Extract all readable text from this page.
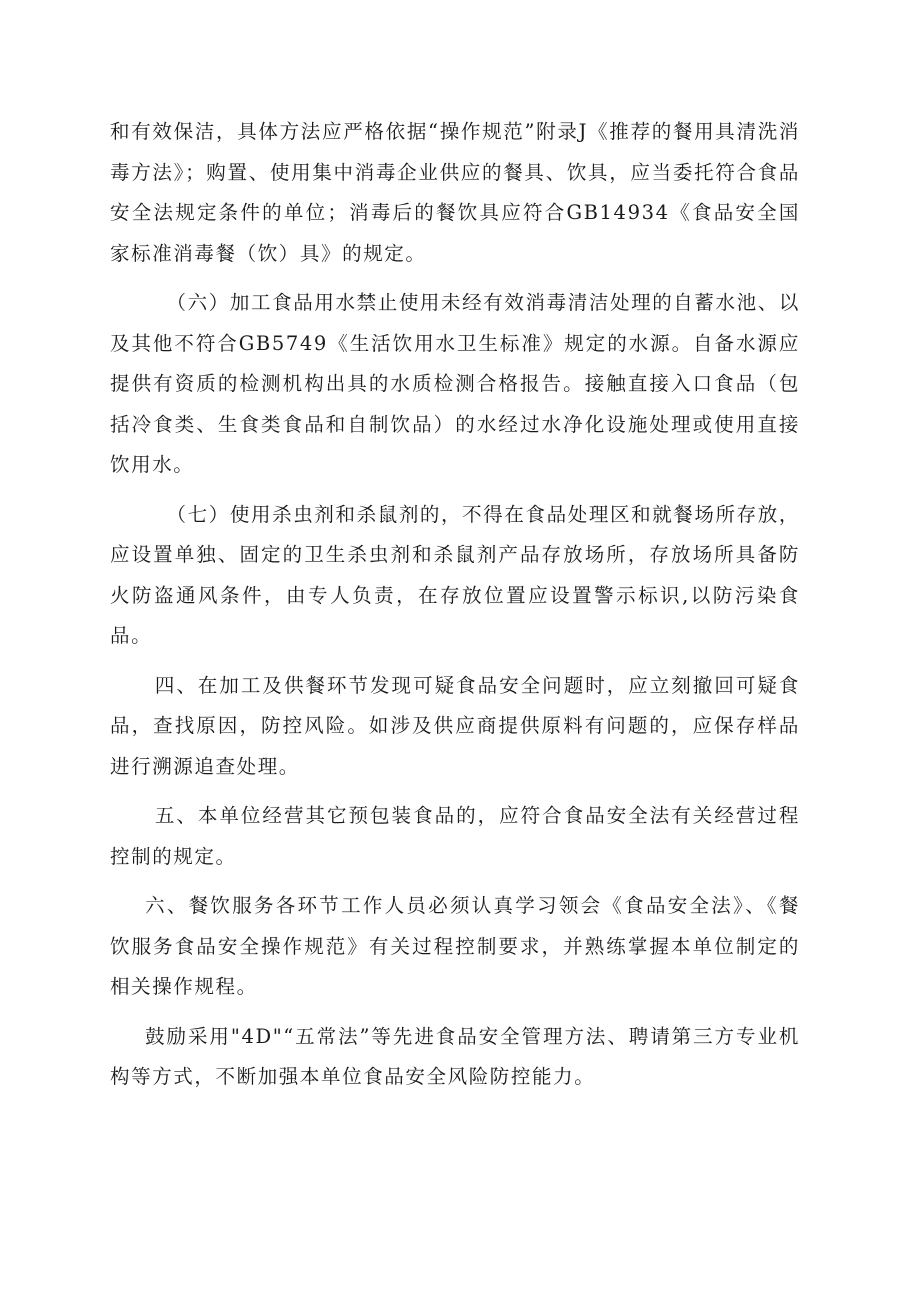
和有效保洁，具体方法应严格依据“操作规范”附录J《推荐的餐用具清洗消毒方法》；购置、使用集中消毒企业供应的餐具、饮具，应当委托符合食品安全法规定条件的单位；消毒后的餐饮具应符合GB14934《食品安全国家标准消毒餐（饮）具》的规定。

（六）加工食品用水禁止使用未经有效消毒清洁处理的自蓄水池、以及其他不符合GB5749《生活饮用水卫生标准》规定的水源。自备水源应提供有资质的检测机构出具的水质检测合格报告。接触直接入口食品（包括冷食类、生食类食品和自制饮品）的水经过水净化设施处理或使用直接饮用水。

（七）使用杀虫剂和杀鼠剂的，不得在食品处理区和就餐场所存放，应设置单独、固定的卫生杀虫剂和杀鼠剂产品存放场所，存放场所具备防火防盗通风条件，由专人负责，在存放位置应设置警示标识,以防污染食品。

四、在加工及供餐环节发现可疑食品安全问题时，应立刻撤回可疑食品，查找原因，防控风险。如涉及供应商提供原料有问题的，应保存样品进行溯源追查处理。

五、本单位经营其它预包装食品的，应符合食品安全法有关经营过程控制的规定。

六、餐饮服务各环节工作人员必须认真学习领会《食品安全法》、《餐饮服务食品安全操作规范》有关过程控制要求，并熟练掌握本单位制定的相关操作规程。

鼓励采用"4D"“五常法”等先进食品安全管理方法、聘请第三方专业机构等方式，不断加强本单位食品安全风险防控能力。
